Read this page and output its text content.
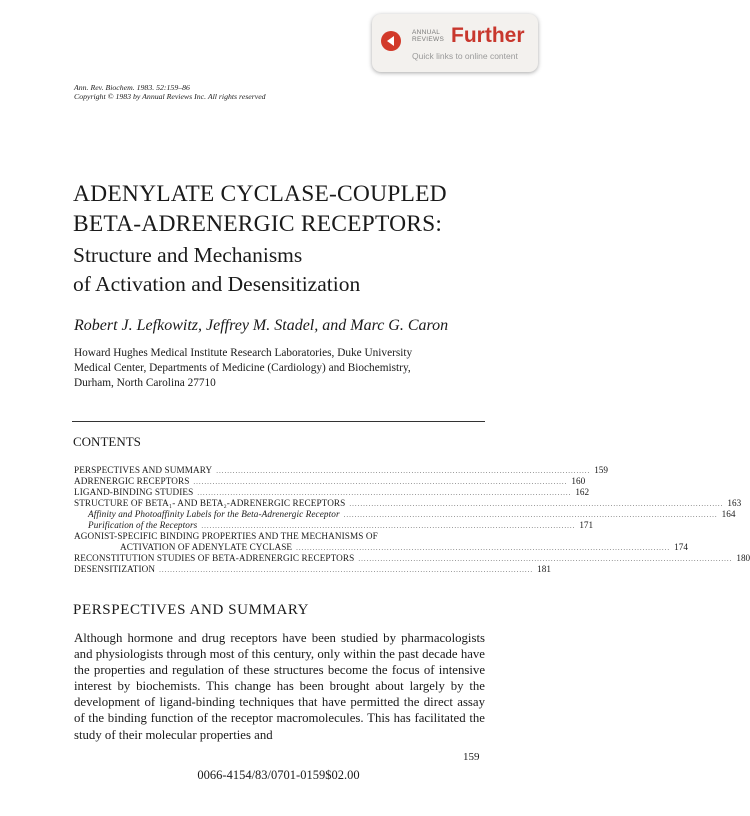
ANNUAL REVIEWS Further
Quick links to online content
Ann. Rev. Biochem. 1983. 52:159–86
Copyright © 1983 by Annual Reviews Inc. All rights reserved
ADENYLATE CYCLASE-COUPLED
BETA-ADRENERGIC RECEPTORS:
Structure and Mechanisms
of Activation and Desensitization
Robert J. Lefkowitz, Jeffrey M. Stadel, and Marc G. Caron
Howard Hughes Medical Institute Research Laboratories, Duke University
Medical Center, Departments of Medicine (Cardiology) and Biochemistry,
Durham, North Carolina 27710
CONTENTS
PERSPECTIVES AND SUMMARY ........................................................................................................................................ 159
ADRENERGIC RECEPTORS ........................................................................................................................................ 160
LIGAND-BINDING STUDIES ........................................................................................................................................ 162
STRUCTURE OF BETA₁- AND BETA₂-ADRENERGIC RECEPTORS ........................................................................................................................................ 163
Affinity and Photoaffinity Labels for the Beta-Adrenergic Receptor ........................................................................................................................................ 164
Purification of the Receptors ........................................................................................................................................ 171
AGONIST-SPECIFIC BINDING PROPERTIES AND THE MECHANISMS OF
ACTIVATION OF ADENYLATE CYCLASE ........................................................................................................................................ 174
RECONSTITUTION STUDIES OF BETA-ADRENERGIC RECEPTORS ........................................................................................................................................ 180
DESENSITIZATION ........................................................................................................................................ 181
PERSPECTIVES AND SUMMARY
Although hormone and drug receptors have been studied by pharmacologists and physiologists through most of this century, only within the past decade have the properties and regulation of these structures become the focus of intensive interest by biochemists. This change has been brought about largely by the development of ligand-binding techniques that have permitted the direct assay of the binding function of the receptor macromolecules. This has facilitated the study of their molecular properties and
159
0066-4154/83/0701-0159$02.00
